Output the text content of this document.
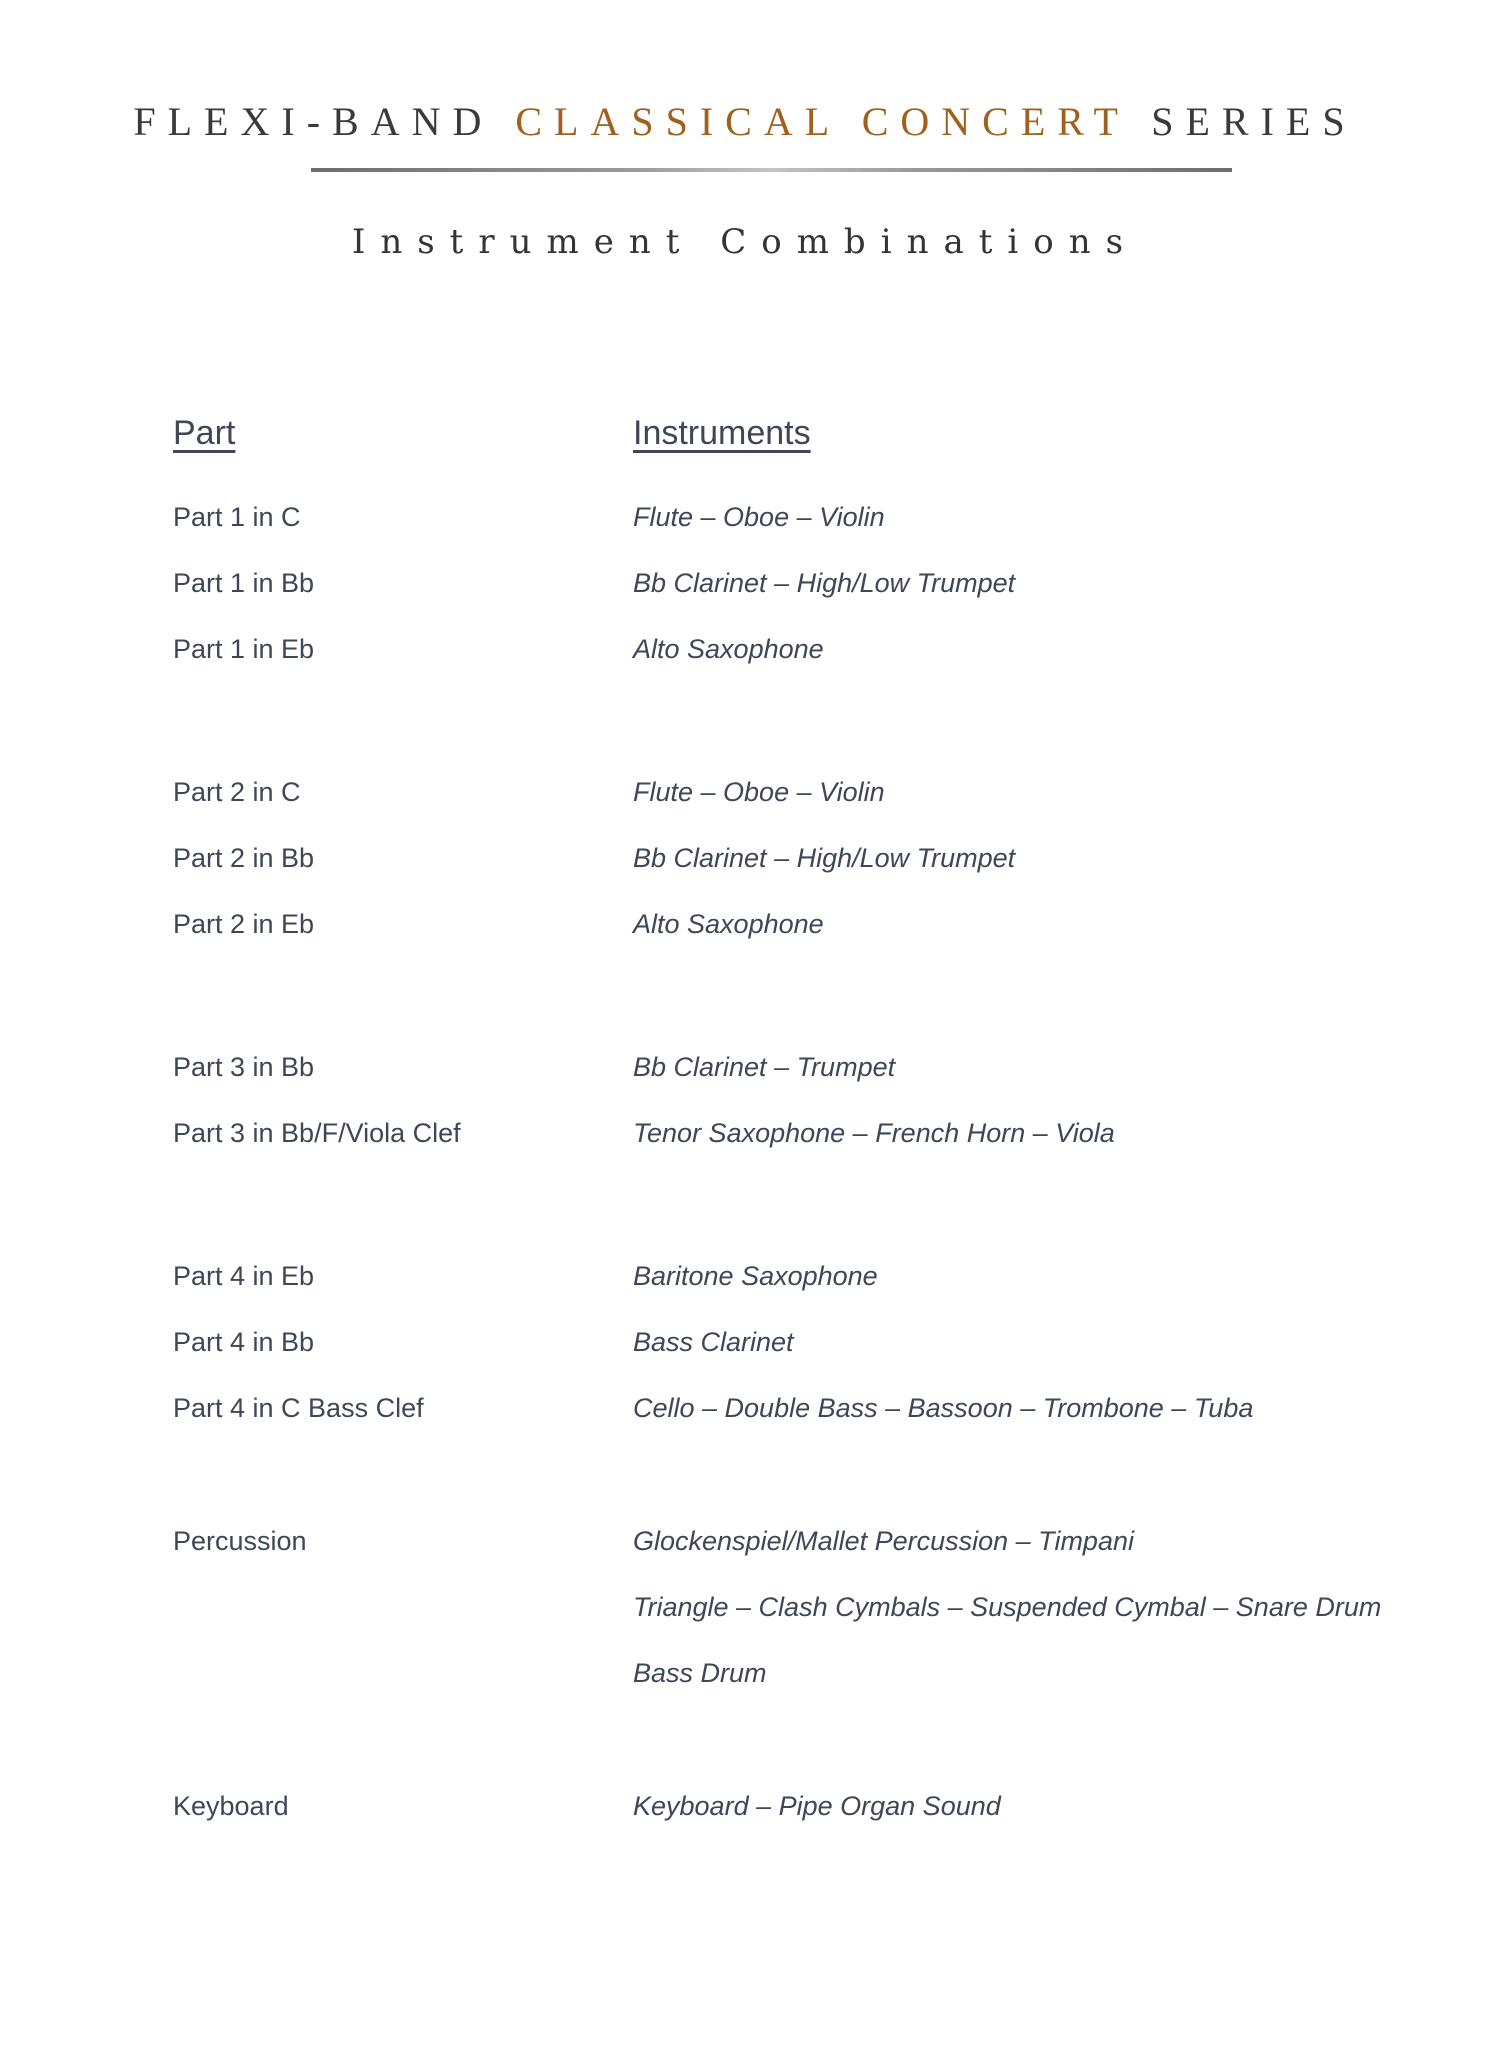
FLEXI-BAND CLASSICAL CONCERT SERIES
Instrument Combinations
Part	Instruments
Part 1 in C	Flute – Oboe – Violin
Part 1 in Bb	Bb Clarinet – High/Low Trumpet
Part 1 in Eb	Alto Saxophone
Part 2 in C	Flute – Oboe – Violin
Part 2 in Bb	Bb Clarinet – High/Low Trumpet
Part 2 in Eb	Alto Saxophone
Part 3 in Bb	Bb Clarinet – Trumpet
Part 3 in Bb/F/Viola Clef	Tenor Saxophone – French Horn – Viola
Part 4 in Eb	Baritone Saxophone
Part 4 in Bb	Bass Clarinet
Part 4 in C Bass Clef	Cello – Double Bass – Bassoon – Trombone – Tuba
Percussion	Glockenspiel/Mallet Percussion – Timpani
Triangle – Clash Cymbals – Suspended Cymbal – Snare Drum
Bass Drum
Keyboard	Keyboard – Pipe Organ Sound
